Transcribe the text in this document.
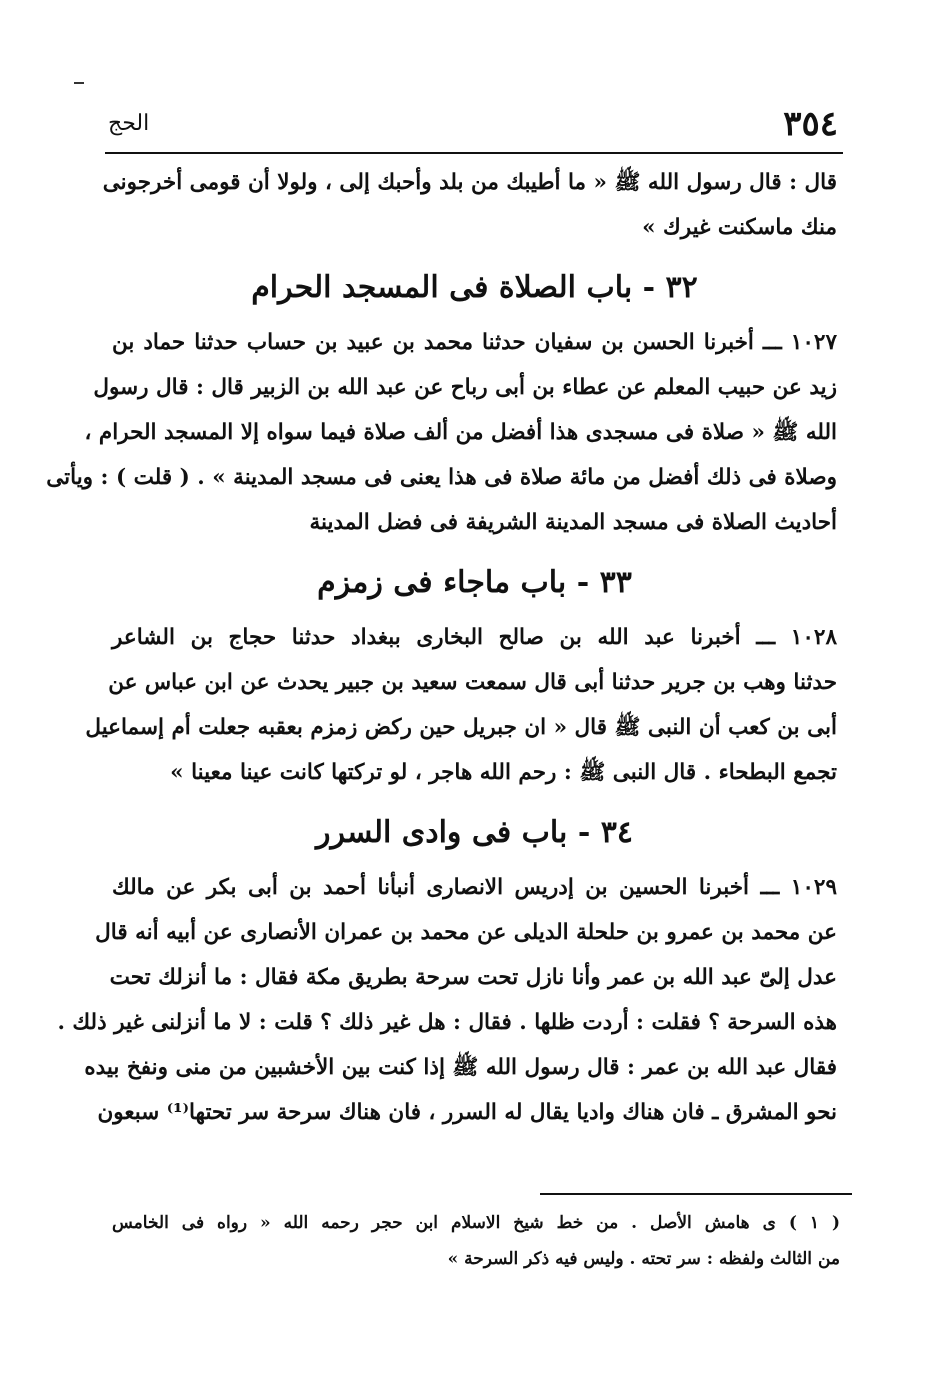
٣٥٤
الحج
قال : قال رسول الله ﷺ « ما أطيبك من بلد وأحبك إلى ، ولولا أن قومى أخرجونى
منك ماسكنت غيرك »
٣٢ - باب الصلاة فى المسجد الحرام
١٠٢٧ ـــ أخبرنا الحسن بن سفيان حدثنا محمد بن عبيد بن حساب حدثنا حماد بن
زيد عن حبيب المعلم عن عطاء بن أبى رباح عن عبد الله بن الزبير قال : قال رسول
الله ﷺ « صلاة فى مسجدى هذا أفضل من ألف صلاة فيما سواه إلا المسجد الحرام ،
وصلاة فى ذلك أفضل من مائة صلاة فى هذا يعنى فى مسجد المدينة » . ( قلت ) : ويأتى
أحاديث الصلاة فى مسجد المدينة الشريفة فى فضل المدينة
٣٣ - باب ماجاء فى زمزم
١٠٢٨ ـــ أخبرنا عبد الله بن صالح البخارى ببغداد حدثنا حجاج بن الشاعر
حدثنا وهب بن جرير حدثنا أبى قال سمعت سعيد بن جبير يحدث عن ابن عباس عن
أبى بن كعب أن النبى ﷺ قال « ان جبريل حين ركض زمزم بعقبه جعلت أم إسماعيل
تجمع البطحاء . قال النبى ﷺ : رحم الله هاجر ، لو تركتها كانت عينا معينا »
٣٤ - باب فى وادى السرر
١٠٢٩ ـــ أخبرنا الحسين بن إدريس الانصارى أنبأنا أحمد بن أبى بكر عن مالك
عن محمد بن عمرو بن حلحلة الديلى عن محمد بن عمران الأنصارى عن أبيه أنه قال
عدل إلىّ عبد الله بن عمر وأنا نازل تحت سرحة بطريق مكة فقال : ما أنزلك تحت
هذه السرحة ؟ فقلت : أردت ظلها . فقال : هل غير ذلك ؟ قلت : لا ما أنزلنى غير ذلك .
فقال عبد الله بن عمر : قال رسول الله ﷺ إذا كنت بين الأخشبين من منى ونفخ بيده
نحو المشرق ـ فان هناك واديا يقال له السرر ، فان هناك سرحة سر تحتها⁽¹⁾ سبعون
( ١ ) ى هامش الأصل . من خط شيخ الاسلام ابن حجر رحمه الله « رواه فى الخامس
من الثالث ولفظه : سر تحته . وليس فيه ذكر السرحة »
